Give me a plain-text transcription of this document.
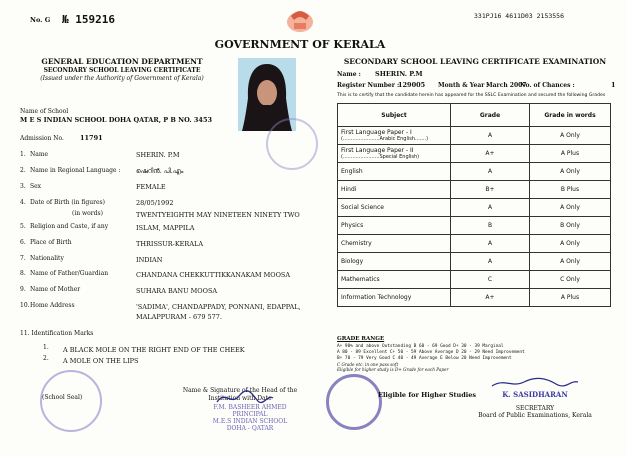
No. G № 159216	331PJ16 4611D03 2153556
GOVERNMENT OF KERALA
GENERAL EDUCATION DEPARTMENT
SECONDARY SCHOOL LEAVING CERTIFICATE
(Issued under the Authority of Government of Kerala)
Name of School
M E S INDIAN SCHOOL DOHA QATAR, P B NO. 3453
Admission No. 11791
1. Name	SHERIN. P.M
2. Name in Regional Language : ഷെറിൻ. പി.എം
3. Sex	FEMALE
4. Date of Birth (in figures)	28/05/1992
(in words)	TWENTYEIGHTH MAY NINETEEN NINETY TWO
5. Religion and Caste, if any	ISLAM, MAPPILA
6. Place of Birth	THRISSUR-KERALA
7. Nationality	INDIAN
8. Name of Father/Guardian	CHANDANA CHEKKUTTIKKANAKAM MOOSA
9. Name of Mother	SUHARA BANU MOOSA
10. Home Address	'SADIMA', CHANDAPPADY, PONNANI, EDAPPAL,
MALAPPURAM - 679 577.
11. Identification Marks
1. A BLACK MOLE ON THE RIGHT END OF THE CHEEK
2. A MOLE ON THE LIPS
(School Seal)
Name & Signature of the Head of the
Institution with Date
F.M. BASHEER AHMED
PRINCIPAL
M.E.S INDIAN SCHOOL
DOHA - QATAR
SECONDARY SCHOOL LEAVING CERTIFICATE EXAMINATION
Name : SHERIN. P.M
Register Number :
129005 Month & Year :
March 2007
No. of Chances :	1
This is to certify that the candidate herein has appeared for the SSLC Examination and secured the following Grades
Subject	Grade	Grade in words

First Language Paper - I
(.......................Arabic English.......)	A	A Only

First Language Paper - II
(.......................Special English)	A+	A Plus
English	A	A Only
Hindi	B+	B Plus
Social Science	A	A Only
Physics	B	B Only
Chemistry	A	A Only
Biology	A	A Only
Mathematics	C	C Only
Information Technology	A+	A Plus
GRADE RANGE
A+ 90% and above Outstanding B 60 - 69 Good D+ 30 - 39 Marginal
A 80 - 89 Excellent C+ 50 - 59 Above Average D 20 - 29 Need Improvement
B+ 70 - 79 Very Good C 40 - 49 Average E Below 20 Need Improvement
C Grade etc. in one pass soft
Eligible for higher study is D+ Grade for each Paper
Eligible for Higher Studies	K. SASIDHARAN
SECRETARY
Board of Public Examinations, Kerala
